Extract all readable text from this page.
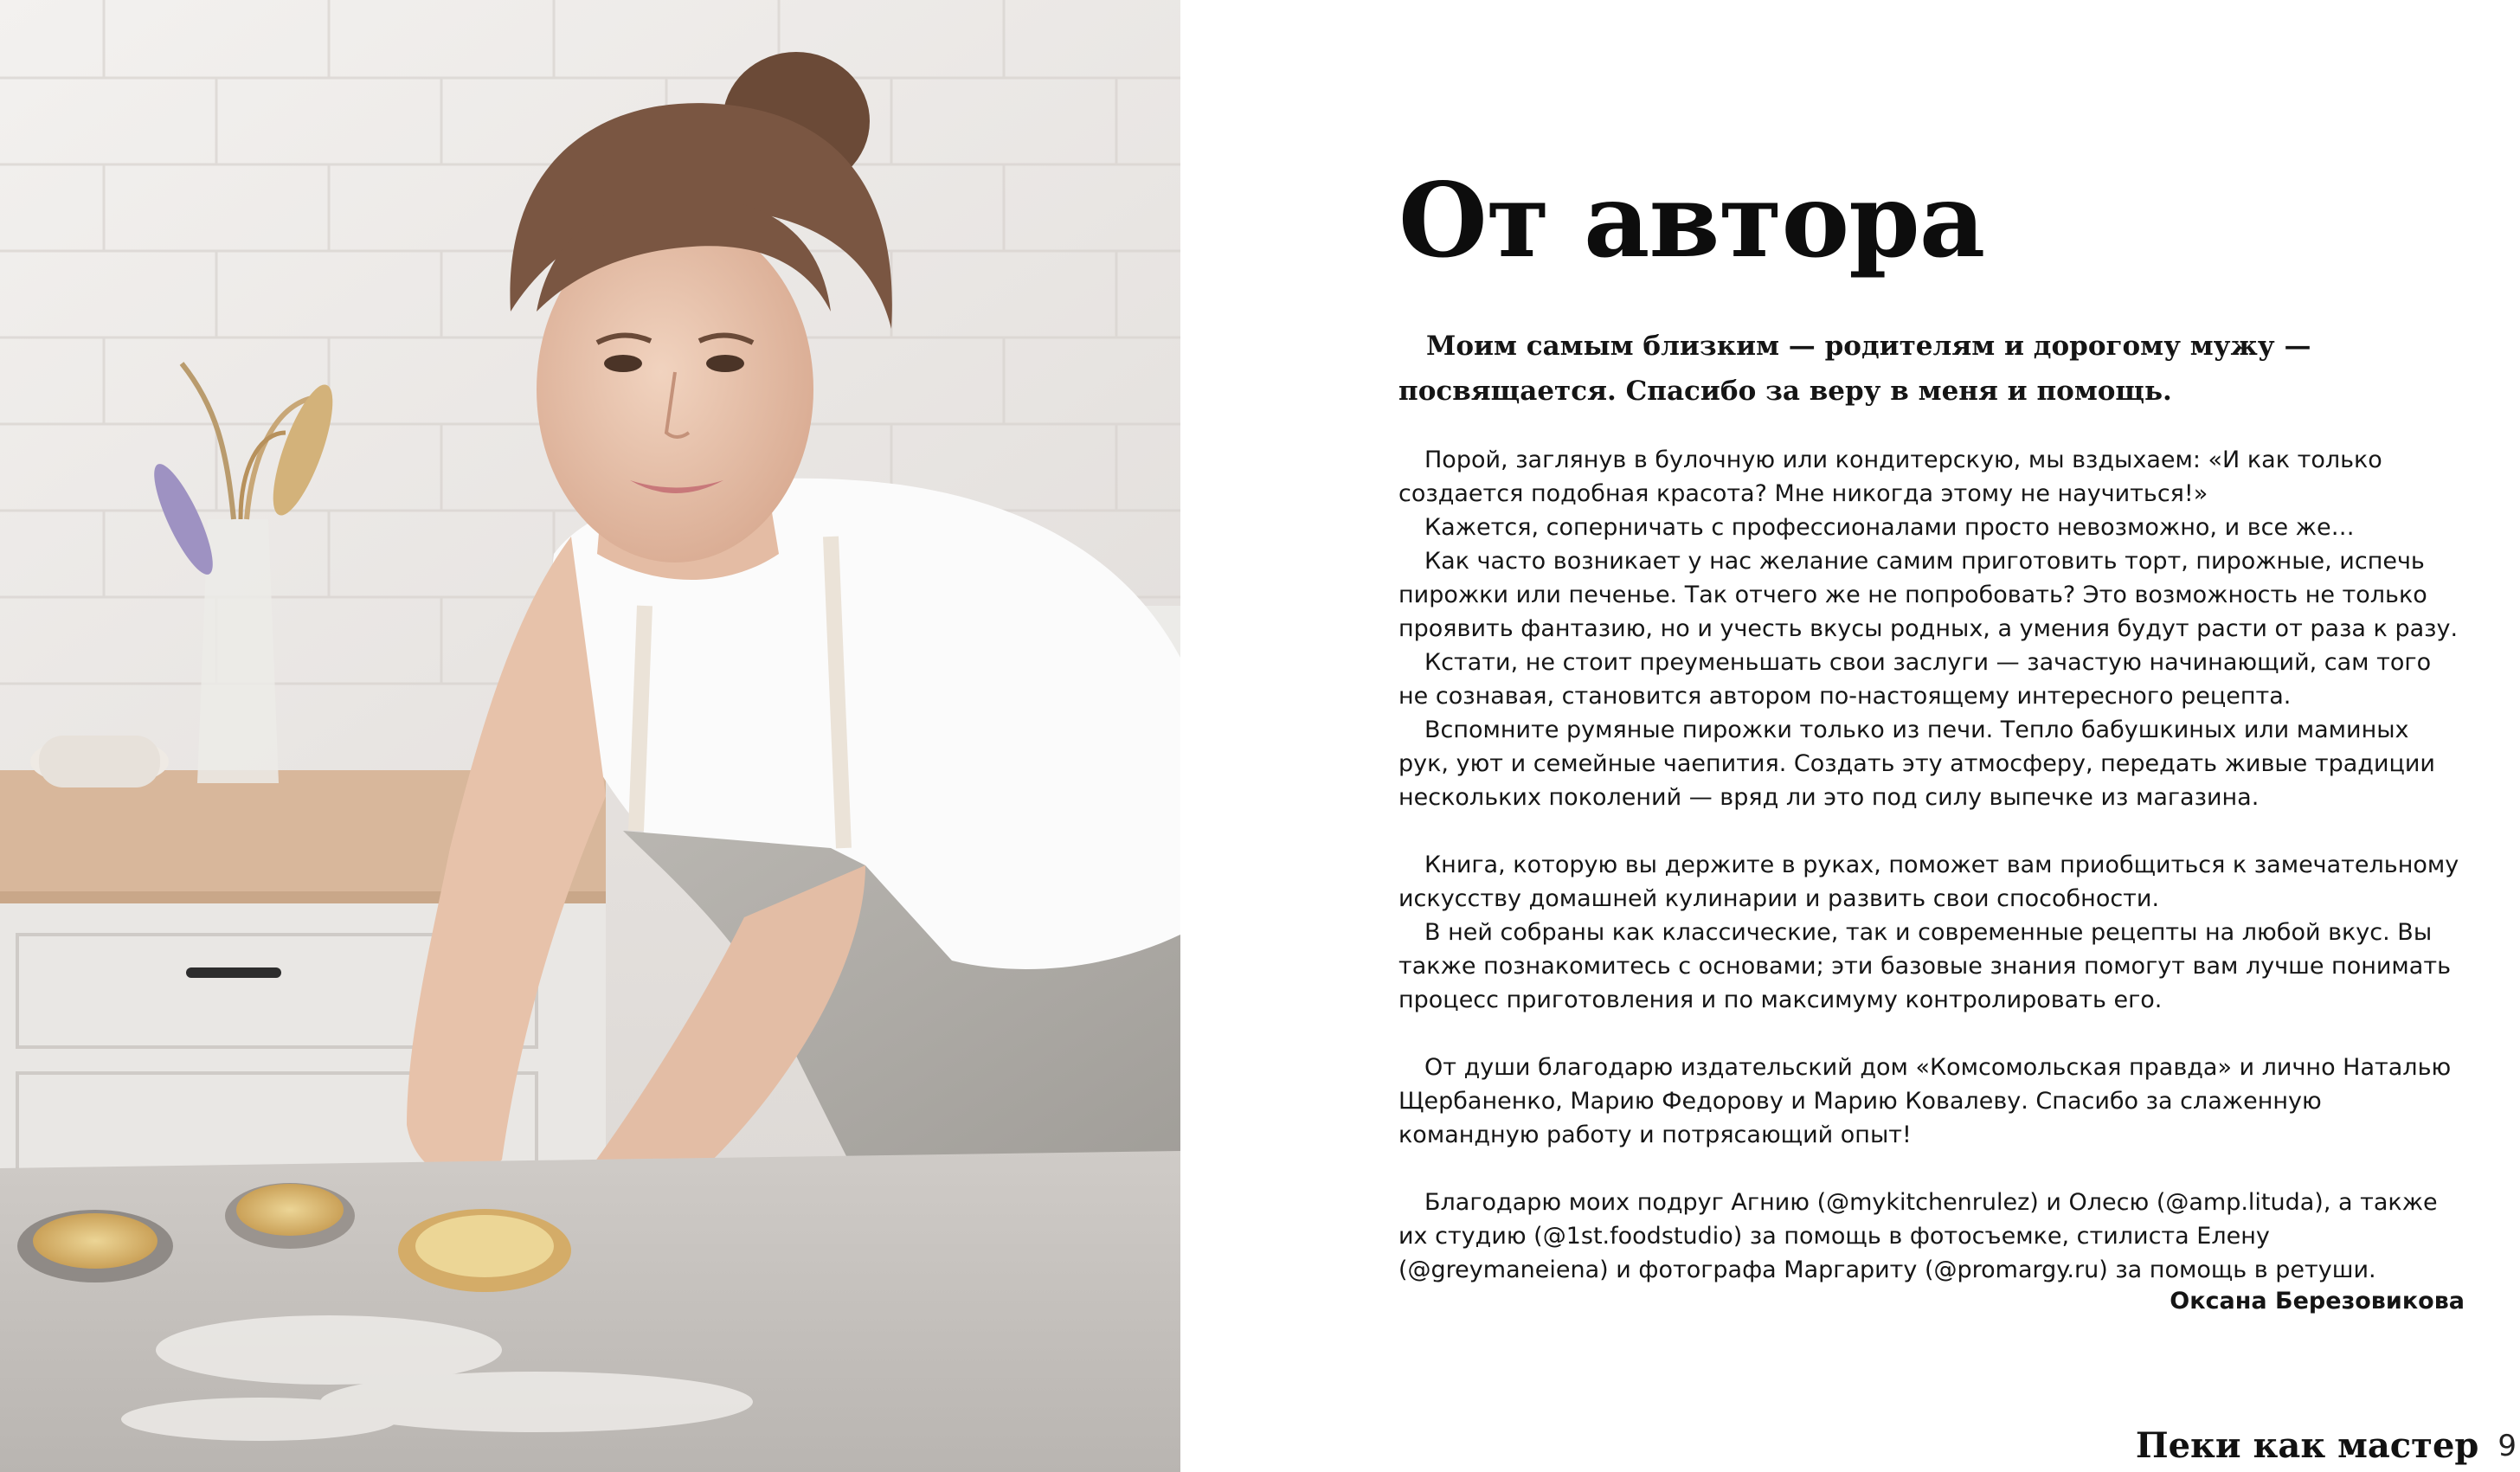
От автора

Моим самым близким — родителям и дорогому мужу — посвящается. Спасибо за веру в меня и помощь.

Порой, заглянув в булочную или кондитерскую, мы вздыхаем: «И как только создается подобная красота? Мне никогда этому не научиться!»

Кажется, соперничать с профессионалами просто невозможно, и все же…

Как часто возникает у нас желание самим приготовить торт, пирожные, испечь пирожки или печенье. Так отчего же не попробовать? Это возможность не только проявить фантазию, но и учесть вкусы родных, а умения будут расти от раза к разу.

Кстати, не стоит преуменьшать свои заслуги — зачастую начинающий, сам того не сознавая, становится автором по-настоящему интересного рецепта.

Вспомните румяные пирожки только из печи. Тепло бабушкиных или маминых рук, уют и семейные чаепития. Создать эту атмосферу, передать живые традиции нескольких поколений — вряд ли это под силу выпечке из магазина.

Книга, которую вы держите в руках, поможет вам приобщиться к замечательному искусству домашней кулинарии и развить свои способности.

В ней собраны как классические, так и современные рецепты на любой вкус. Вы также познакомитесь с основами; эти базовые знания помогут вам лучше понимать процесс приготовления и по максимуму контролировать его.

От души благодарю издательский дом «Комсомольская правда» и лично Наталью Щербаненко, Марию Федорову и Марию Ковалеву. Спасибо за слаженную командную работу и потрясающий опыт!

Благодарю моих подруг Агнию (@mykitchenrulez) и Олесю (@amp.lituda), а также их студию (@1st.foodstudio) за помощь в фотосъемке, стилиста Елену (@greymaneiena) и фотографа Маргариту (@promargy.ru) за помощь в ретуши.

Оксана Березовикова

Пеки как мастер 9
